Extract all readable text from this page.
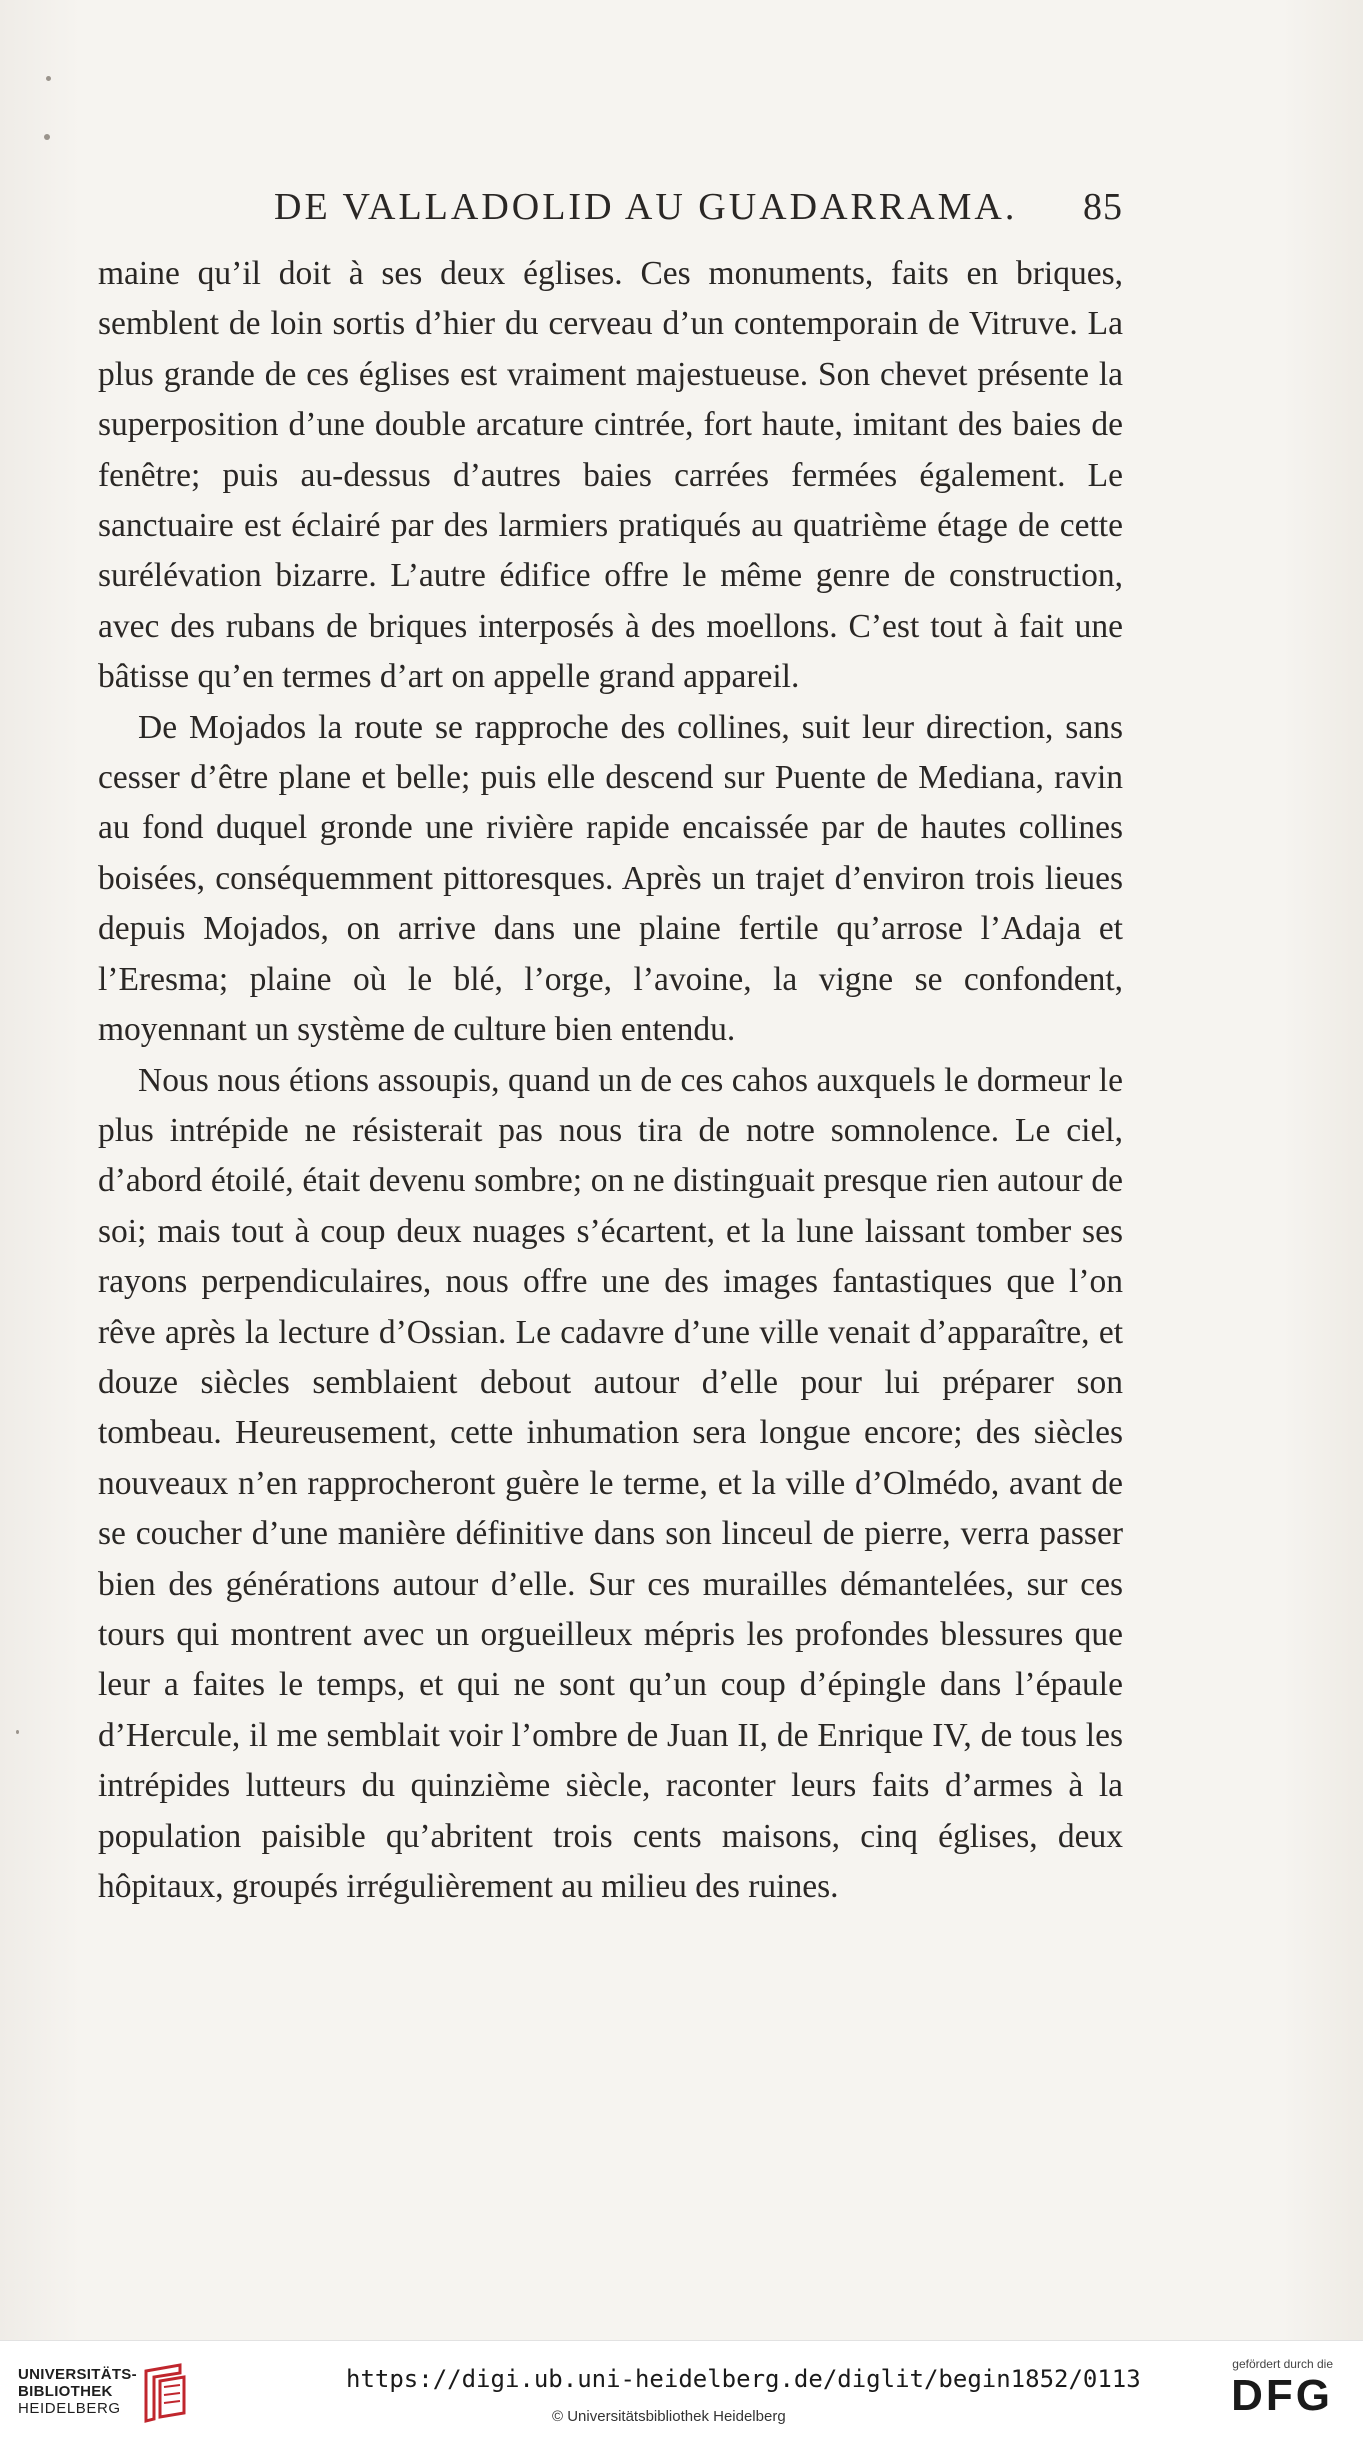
DE VALLADOLID AU GUADARRAMA. 85

maine qu’il doit à ses deux églises. Ces monuments, faits en briques, semblent de loin sortis d’hier du cerveau d’un contemporain de Vitruve. La plus grande de ces églises est vraiment majestueuse. Son chevet présente la superposition d’une double arcature cintrée, fort haute, imitant des baies de fenêtre; puis au-dessus d’autres baies carrées fermées également. Le sanctuaire est éclairé par des larmiers pratiqués au quatrième étage de cette surélévation bizarre. L’autre édifice offre le même genre de construction, avec des rubans de briques interposés à des moellons. C’est tout à fait une bâtisse qu’en termes d’art on appelle grand appareil.

De Mojados la route se rapproche des collines, suit leur direction, sans cesser d’être plane et belle; puis elle descend sur Puente de Mediana, ravin au fond duquel gronde une rivière rapide encaissée par de hautes collines boisées, conséquemment pittoresques. Après un trajet d’environ trois lieues depuis Mojados, on arrive dans une plaine fertile qu’arrose l’Adaja et l’Eresma; plaine où le blé, l’orge, l’avoine, la vigne se confondent, moyennant un système de culture bien entendu.

Nous nous étions assoupis, quand un de ces cahos auxquels le dormeur le plus intrépide ne résisterait pas nous tira de notre somnolence. Le ciel, d’abord étoilé, était devenu sombre; on ne distinguait presque rien autour de soi; mais tout à coup deux nuages s’écartent, et la lune laissant tomber ses rayons perpendiculaires, nous offre une des images fantastiques que l’on rêve après la lecture d’Ossian. Le cadavre d’une ville venait d’apparaître, et douze siècles semblaient debout autour d’elle pour lui préparer son tombeau. Heureusement, cette inhumation sera longue encore; des siècles nouveaux n’en rapprocheront guère le terme, et la ville d’Olmédo, avant de se coucher d’une manière définitive dans son linceul de pierre, verra passer bien des générations autour d’elle. Sur ces murailles démantelées, sur ces tours qui montrent avec un orgueilleux mépris les profondes blessures que leur a faites le temps, et qui ne sont qu’un coup d’épingle dans l’épaule d’Hercule, il me semblait voir l’ombre de Juan II, de Enrique IV, de tous les intrépides lutteurs du quinzième siècle, raconter leurs faits d’armes à la population paisible qu’abritent trois cents maisons, cinq églises, deux hôpitaux, groupés irrégulièrement au milieu des ruines.

UNIVERSITÄTS-
BIBLIOTHEK
HEIDELBERG
https://digi.ub.uni-heidelberg.de/diglit/begin1852/0113
© Universitätsbibliothek Heidelberg
gefördert durch die
DFG
